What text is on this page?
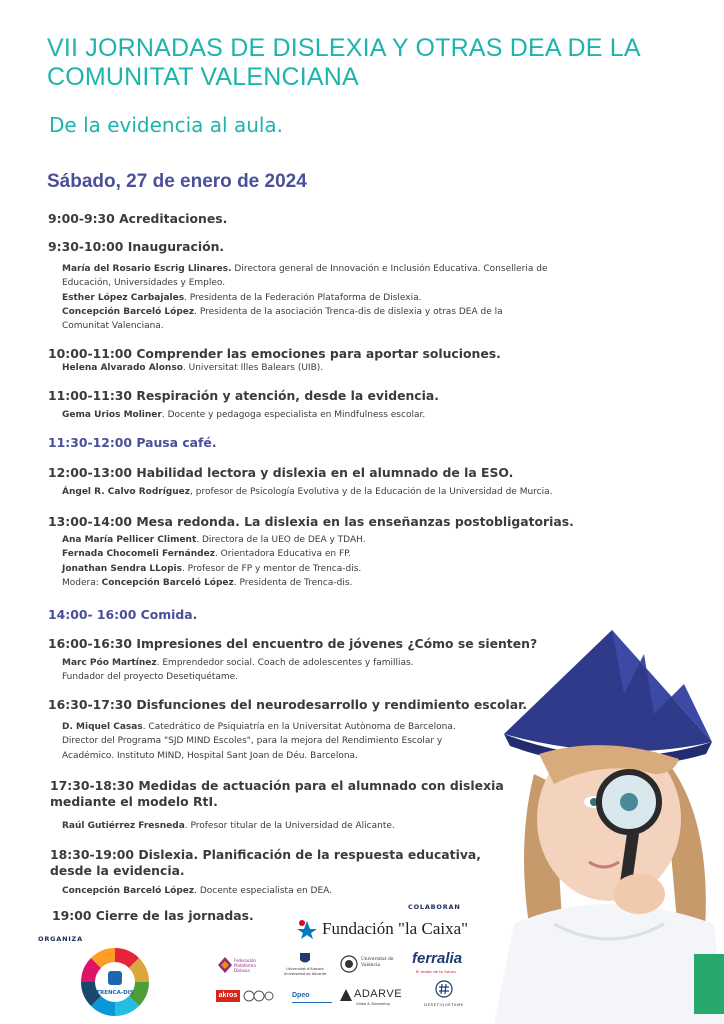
VII JORNADAS DE DISLEXIA Y OTRAS DEA DE LA COMUNITAT VALENCIANA
De la evidencia al aula.
Sábado, 27 de enero de 2024
9:00-9:30 Acreditaciones.
9:30-10:00 Inauguración.
María del Rosario Escrig Llinares. Directora general de Innovación e Inclusión Educativa. Conselleria de
Educación, Universidades y Empleo.
Esther López Carbajales. Presidenta de la Federación Plataforma de Dislexia.
Concepción Barceló López. Presidenta de la asociación Trenca-dis de dislexia y otras DEA de la
Comunitat Valenciana.
10:00-11:00 Comprender las emociones para aportar soluciones.
Helena Alvarado Alonso. Universitat Illes Balears (UIB).
11:00-11:30 Respiración y atención, desde la evidencia.
Gema Urios Moliner. Docente y pedagoga especialista en Mindfulness escolar.
11:30-12:00 Pausa café.
12:00-13:00 Habilidad lectora y dislexia en el alumnado de la ESO.
Ángel R. Calvo Rodríguez, profesor de Psicología Evolutiva y de la Educación de la Universidad de Murcia.
13:00-14:00 Mesa redonda. La dislexia en las enseñanzas postobligatorias.
Ana María Pellicer Climent. Directora de la UEO de DEA y TDAH.
Fernada Chocomeli Fernández. Orientadora Educativa en FP.
Jonathan Sendra LLopis. Profesor de FP y mentor de Trenca-dis.
Modera: Concepción Barceló López. Presidenta de Trenca-dis.
14:00- 16:00 Comida.
16:00-16:30 Impresiones del encuentro de jóvenes ¿Cómo se sienten?
Marc Póo Martínez. Emprendedor social. Coach de adolescentes y famillias.
Fundador del proyecto Desetiquétame.
16:30-17:30 Disfunciones del neurodesarrollo y rendimiento escolar.
D. Miquel Casas. Catedrático de Psiquiatría en la Universitat Autònoma de Barcelona.
Director del Programa "SJD MIND Escoles", para la mejora del Rendimiento Escolar y
Académico. Instituto MIND, Hospital Sant Joan de Déu. Barcelona.
17:30-18:30 Medidas de actuación para el alumnado con dislexia mediante el modelo RtI.
Raúl Gutiérrez Fresneda. Profesor titular de la Universidad de Alicante.
18:30-19:00 Dislexia. Planificación de la respuesta educativa, desde la evidencia.
Concepción Barceló López. Docente especialista en DEA.
19:00 Cierre de las jornadas.
ORGANIZA
COLABORAN
TRENCA-DIS
Fundación "la Caixa"
Federación Plataforma Dislexia	Universitat d'Alacant Universidad de Alicante
Universitat de València	ferralia
El motor de tu futuro
akros	Dpeo	ADARVE
Vídeo & Streaming	DESETIQUÉTAME
